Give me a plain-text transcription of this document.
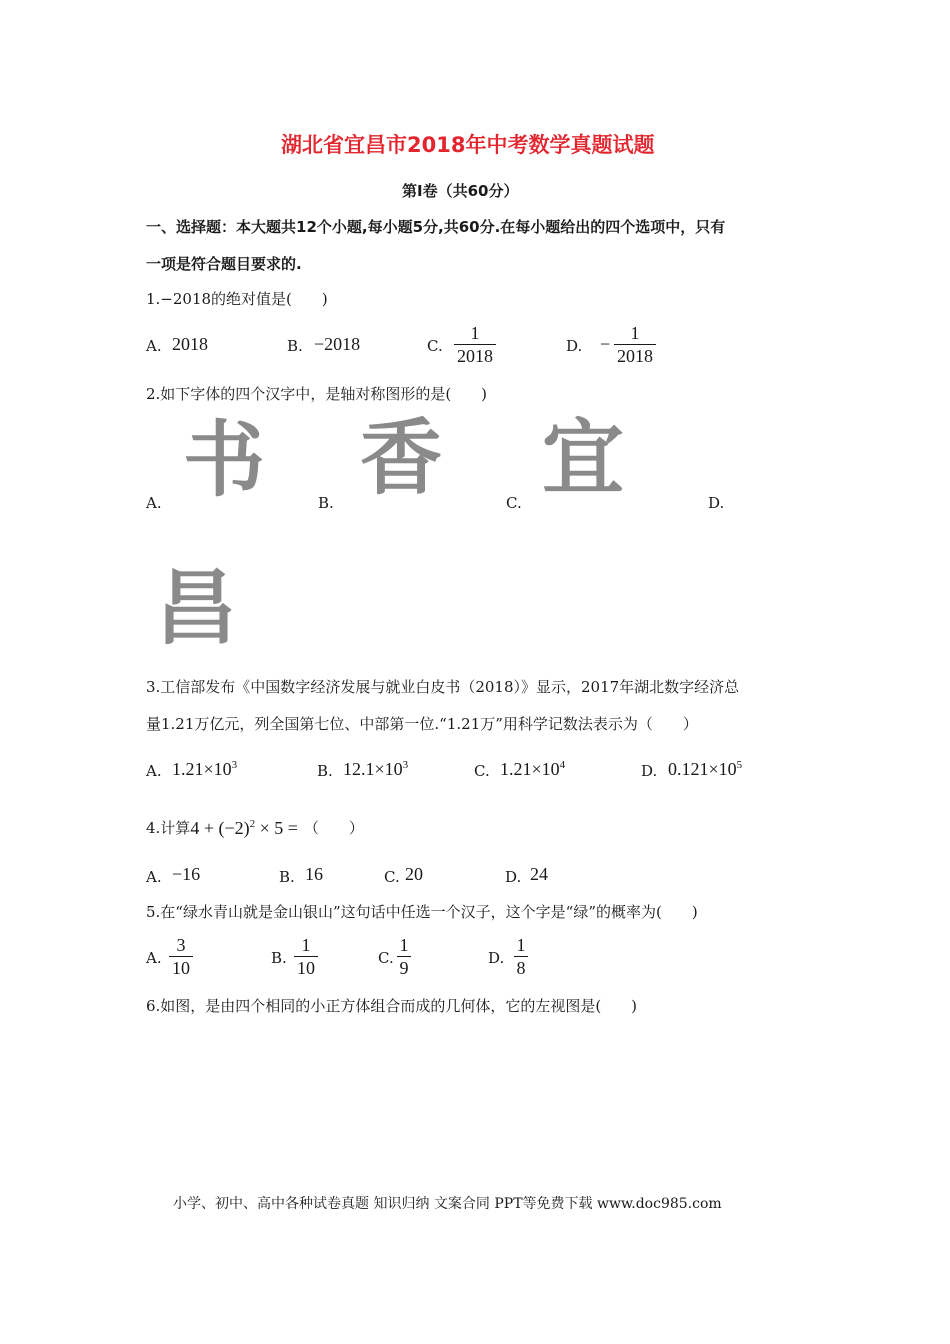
湖北省宜昌市2018年中考数学真题试题
第Ⅰ卷（共60分）
一、选择题：本大题共12个小题,每小题5分,共60分.在每小题给出的四个选项中，只有
一项是符合题目要求的.
1.−2018的绝对值是(　　)
A. 2018	B. −2018	C. $\frac{1}{2018}$	D. − $\frac{1}{2018}$
2.如下字体的四个汉字中，是轴对称图形的是(　　)
书 香 宜
A.	B.	C.	D.
昌
3.工信部发布《中国数字经济发展与就业白皮书（2018）》显示，2017年湖北数字经济总
量1.21万亿元，列全国第七位、中部第一位.“1.21万”用科学记数法表示为（　　）
A. $1.21\times 10^3$	B. $12.1\times 10^3$	C. $1.21\times 10^4$	D. $0.121\times 10^5$
4.计算$4 + (-2)^2 \times 5$ = （　　）
A. −16	B. 16	C. 20	D. 24
5.在“绿水青山就是金山银山”这句话中任选一个汉子，这个字是“绿”的概率为(　　)
A. $\frac{3}{10}$	B. $\frac{1}{10}$	C. $\frac{1}{9}$	D. $\frac{1}{8}$
6.如图，是由四个相同的小正方体组合而成的几何体，它的左视图是(　　)
小学、初中、高中各种试卷真题 知识归纳 文案合同 PPT等免费下载 www.doc985.com
